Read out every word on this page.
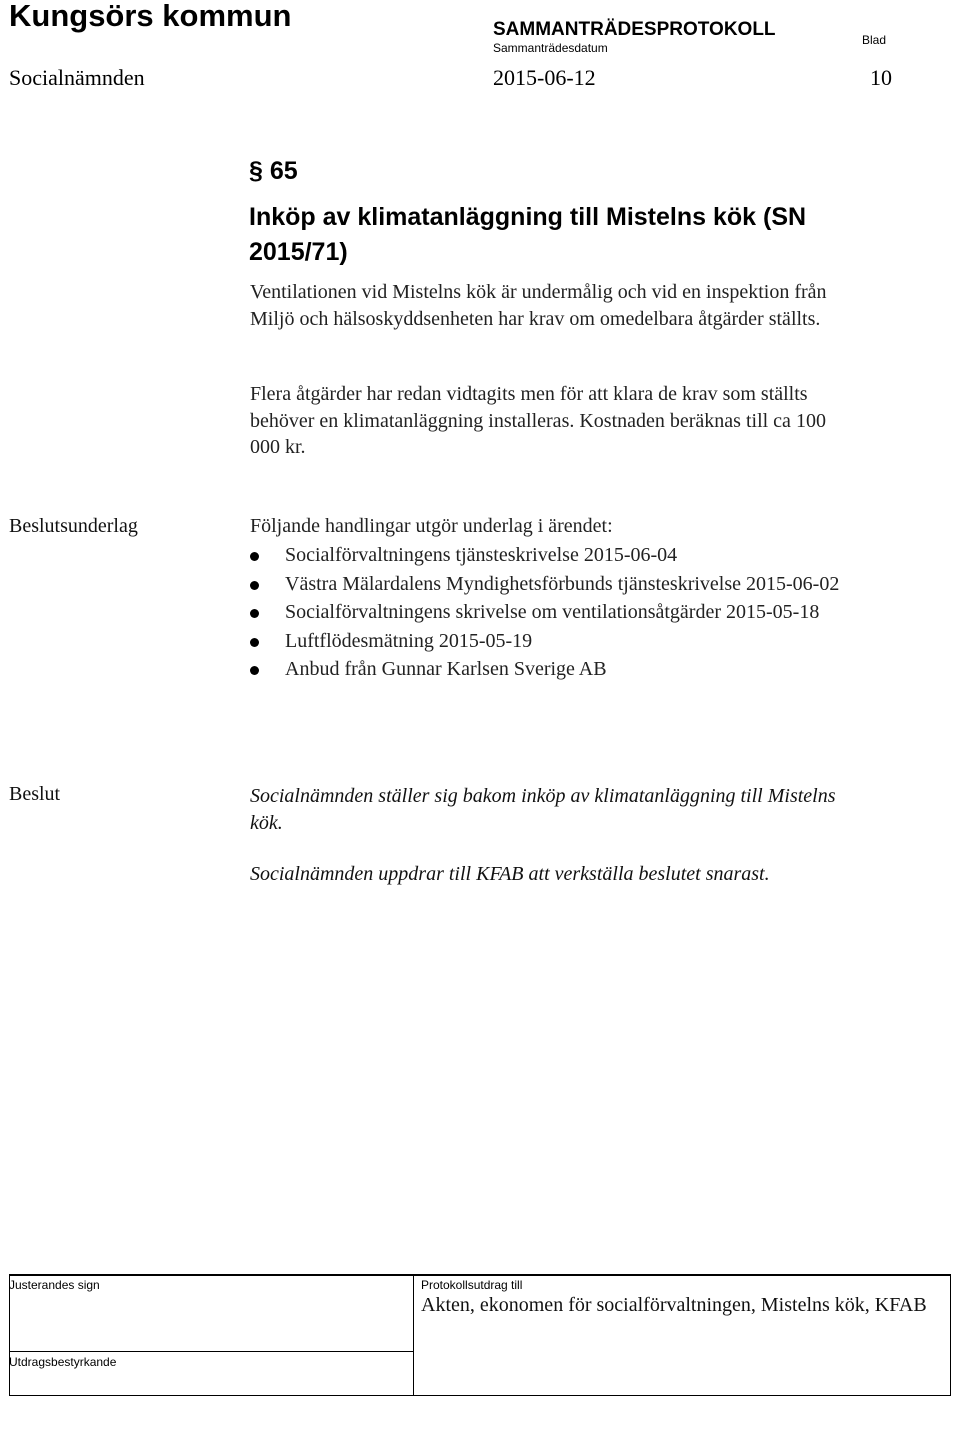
Kungsörs kommun	SAMMANTRÄDESPROTOKOLL
Sammanträdesdatum
Blad
Socialnämnden	2015-06-12	10
§ 65
Inköp av klimatanläggning till Mistelns kök (SN 2015/71)
Ventilationen vid Mistelns kök är undermålig och vid en inspektion från Miljö och hälsoskyddsenheten har krav om omedelbara åtgärder ställts.
Flera åtgärder har redan vidtagits men för att klara de krav som ställts behöver en klimatanläggning installeras. Kostnaden beräknas till ca 100 000 kr.
Beslutsunderlag	Följande handlingar utgör underlag i ärendet:
Socialförvaltningens tjänsteskrivelse 2015-06-04
Västra Mälardalens Myndighetsförbunds tjänsteskrivelse 2015-06-02
Socialförvaltningens skrivelse om ventilationsåtgärder 2015-05-18
Luftflödesmätning 2015-05-19
Anbud från Gunnar Karlsen Sverige AB
Beslut	Socialnämnden ställer sig bakom inköp av klimatanläggning till Mistelns kök.
Socialnämnden uppdrar till KFAB att verkställa beslutet snarast.
Justerandes sign	Protokollsutdrag till
Akten, ekonomen för socialförvaltningen, Mistelns kök, KFAB
Utdragsbestyrkande
